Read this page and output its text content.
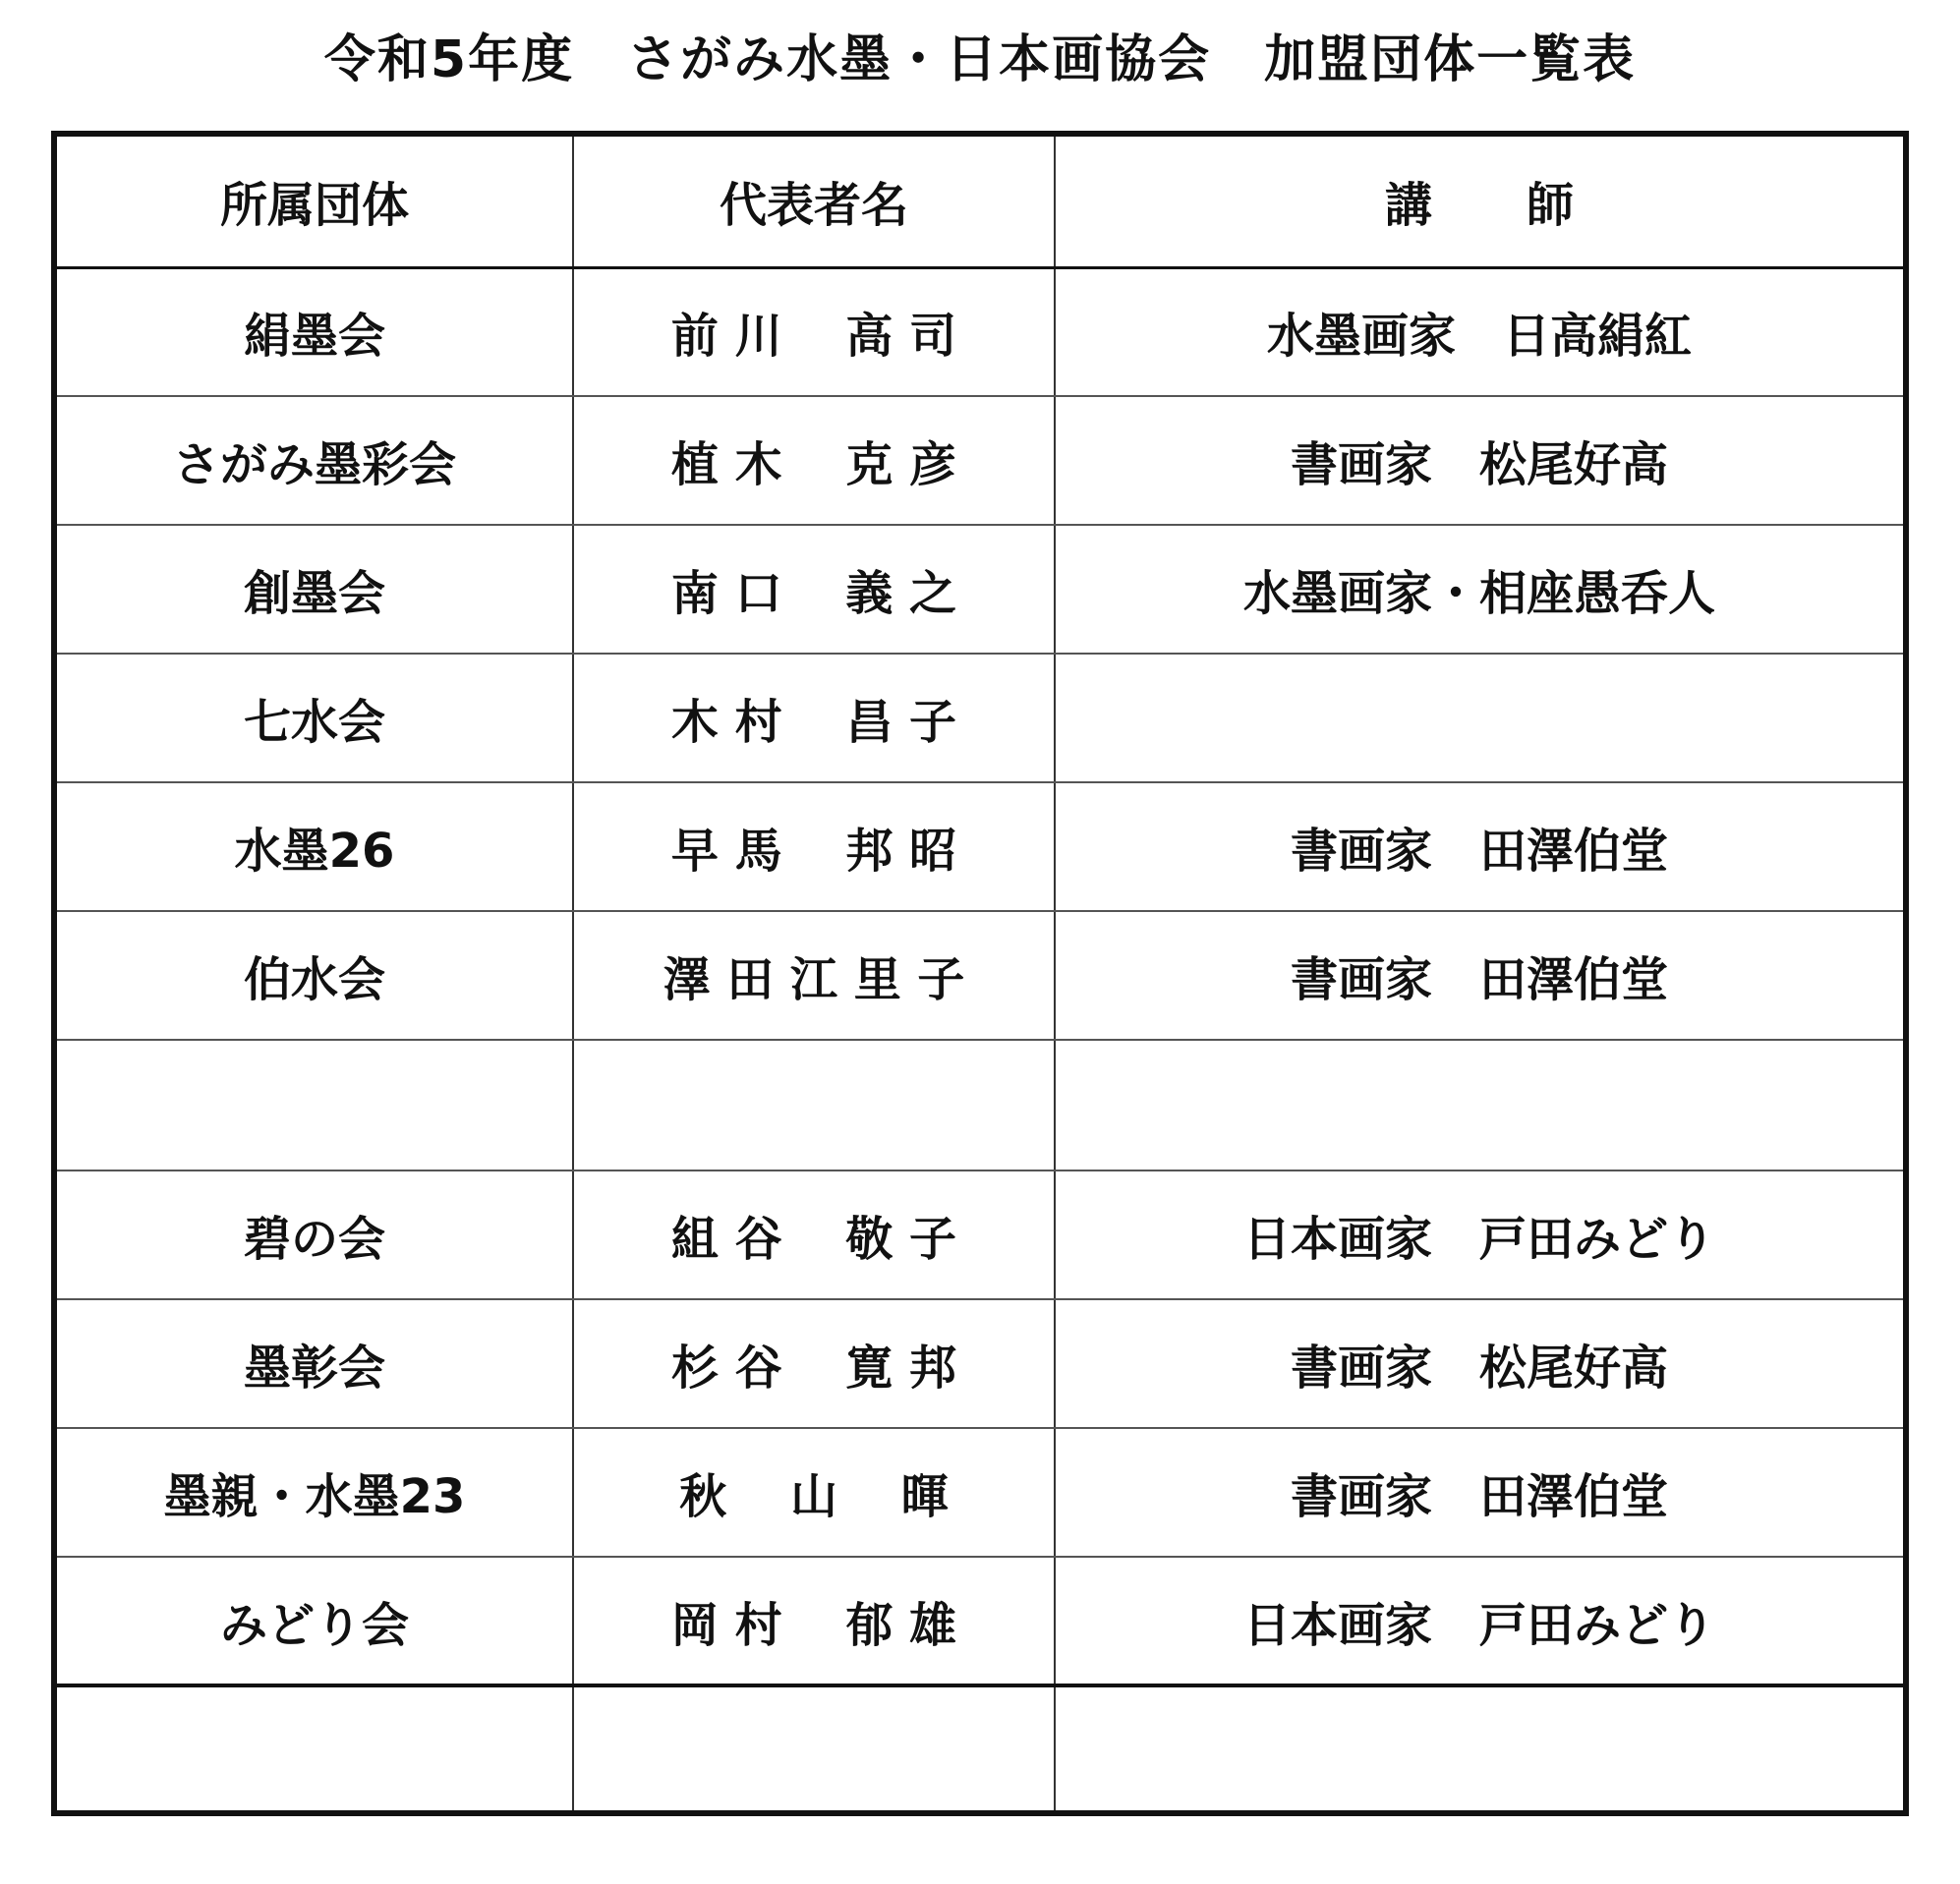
令和5年度　さがみ水墨・日本画協会　加盟団体一覧表
所属団体	代表者名	講　　師
絹墨会	前 川　 高 司	水墨画家　日高絹紅
さがみ墨彩会	植 木　 克 彦	書画家　松尾好高
創墨会	南 口　 義 之	水墨画家・相座愚呑人
七水会	木 村　 昌 子	
水墨26	早 馬　 邦 昭	書画家　田澤伯堂
伯水会	澤 田 江 里 子	書画家　田澤伯堂

碧の会	組 谷　 敬 子	日本画家　戸田みどり
墨彰会	杉 谷　 寛 邦	書画家　松尾好高
墨親・水墨23	秋　 山　 暉	書画家　田澤伯堂
みどり会	岡 村　 郁 雄	日本画家　戸田みどり
